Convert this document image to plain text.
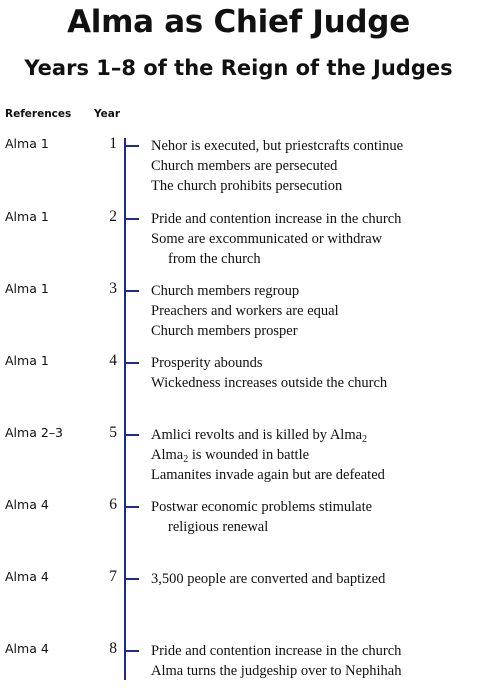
Alma as Chief Judge
Years 1–8 of the Reign of the Judges
References Year
Alma 1	1 Nehor is executed, but priestcrafts continue
Church members are persecuted
The church prohibits persecution
Alma 1	2 Pride and contention increase in the church
Some are excommunicated or withdraw
from the church
Alma 1	3 Church members regroup
Preachers and workers are equal
Church members prosper
Alma 1	4 Prosperity abounds
Wickedness increases outside the church
Alma 2–3	5 Amlici revolts and is killed by Alma$_2$
Alma$_2$ is wounded in battle
Lamanites invade again but are defeated
Alma 4	6 Postwar economic problems stimulate
religious renewal
Alma 4	7 3,500 people are converted and baptized
Alma 4	8 Pride and contention increase in the church
Alma turns the judgeship over to Nephihah
